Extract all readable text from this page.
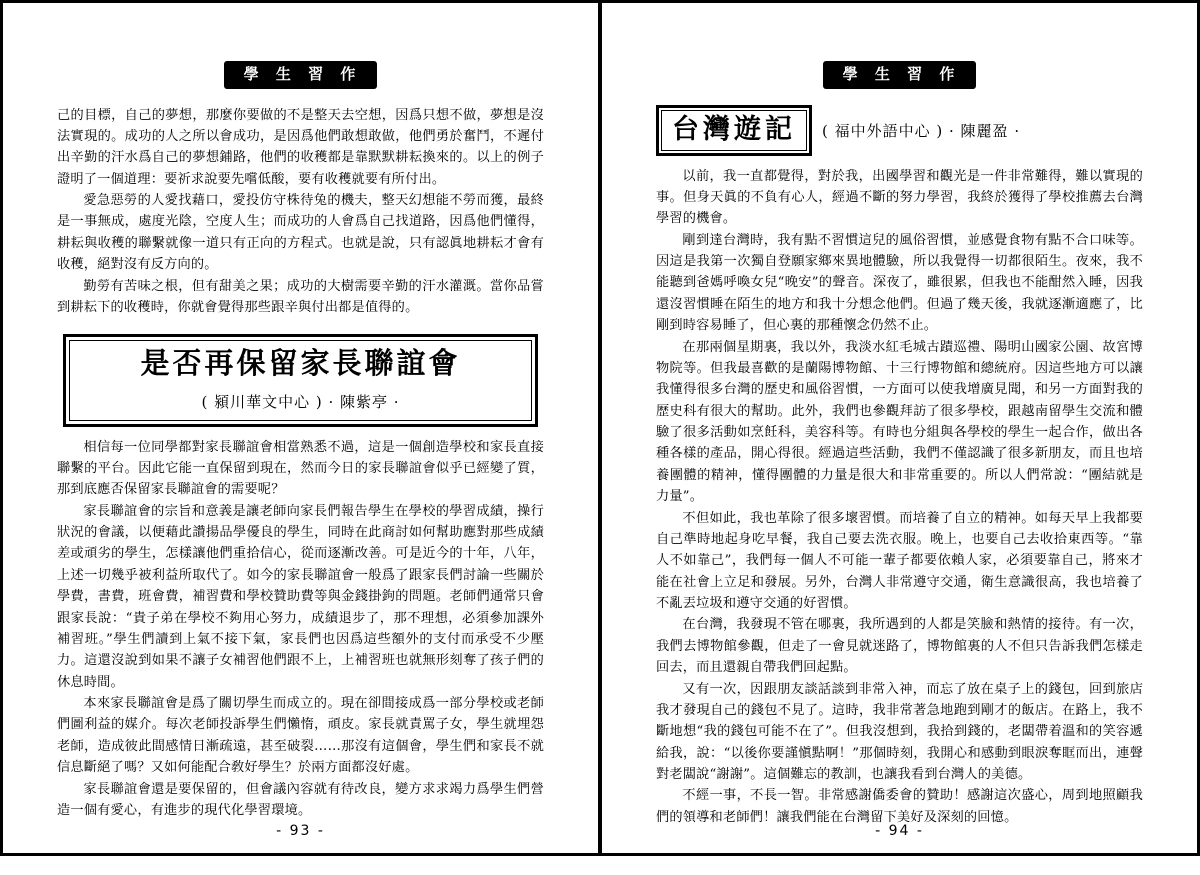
學 生 習 作

己的目標，自己的夢想，那麼你要做的不是整天去空想，因爲只想不做，夢想是沒法實現的。成功的人之所以會成功，是因爲他們敢想敢做，他們勇於奮鬥，不遲付出辛勤的汗水爲自己的夢想鋪路，他們的收穫都是靠默默耕耘換來的。以上的例子證明了一個道理：要祈求說要先嚐低酸，要有收穫就要有所付出。

愛急惡勞的人愛找藉口，愛投仿守株待兔的機夫，整天幻想能不勞而獲，最終是一事無成，處度光陰，空度人生；而成功的人會爲自己找道路，因爲他們懂得，耕耘與收穫的聯繫就像一道只有正向的方程式。也就是說，只有認眞地耕耘才會有收穫，絕對沒有反方向的。

勤勞有苦味之根，但有甜美之果；成功的大樹需要辛勤的汗水灌溉。當你品嘗到耕耘下的收穫時，你就會覺得那些跟辛與付出都是值得的。

是否再保留家長聯誼會
( 潁川華文中心 ) · 陳紫亭 ·

相信每一位同學都對家長聯誼會相當熟悉不過，這是一個創造學校和家長直接聯繫的平台。因此它能一直保留到現在，然而今日的家長聯誼會似乎已經變了質，那到底應否保留家長聯誼會的需要呢？

家長聯誼會的宗旨和意義是讓老師向家長們報告學生在學校的學習成績，操行狀況的會議，以便藉此讚揚品學優良的學生，同時在此商討如何幫助應對那些成績差或頑劣的學生，怎樣讓他們重拾信心，從而逐漸改善。可是近今的十年，八年，上述一切幾乎被利益所取代了。如今的家長聯誼會一般爲了跟家長們討論一些關於學費，書費，班會費，補習費和學校贊助費等與金錢掛鉤的問題。老師們通常只會跟家長說：“貴子弟在學校不夠用心努力，成績退步了，那不理想，必須參加課外補習班。”學生們讀到上氣不接下氣，家長們也因爲這些額外的支付而承受不少壓力。這還沒說到如果不讓子女補習他們跟不上，上補習班也就無形刻奪了孩子們的休息時間。

本來家長聯誼會是爲了關切學生而成立的。現在卻間接成爲一部分學校或老師們圖利益的媒介。每次老師投訴學生們懶惰，頑皮。家長就責罵子女，學生就埋怨老師，造成彼此間感情日漸疏遠，甚至破裂……那沒有這個會，學生們和家長不就信息斷絕了嗎？又如何能配合敎好學生？於兩方面都沒好處。

家長聯誼會還是要保留的，但會議內容就有待改良，變方求求竭力爲學生們營造一個有愛心，有進步的現代化學習環境。

- 93 -
學 生 習 作
台灣遊記	( 福中外語中心 ) · 陳麗盈 ·

以前，我一直都覺得，對於我，出國學習和觀光是一件非常難得，難以實現的事。但身天眞的不負有心人，經過不斷的努力學習，我終於獲得了學校推薦去台灣學習的機會。

剛到達台灣時，我有點不習慣這兒的風俗習慣，並感覺食物有點不合口味等。因這是我第一次獨自登願家鄉來異地體驗，所以我覺得一切都很陌生。夜來，我不能聽到爸媽呼喚女兒“晚安”的聲音。深夜了，雖很累，但我也不能酣然入睡，因我還沒習慣睡在陌生的地方和我十分想念他們。但過了幾天後，我就逐漸適應了，比剛到時容易睡了，但心裏的那種懷念仍然不止。

在那兩個星期裏，我以外，我淡水紅毛城古蹟巡禮、陽明山國家公園、故宮博物院等。但我最喜歡的是蘭陽博物館、十三行博物館和總統府。因這些地方可以讓我懂得很多台灣的歷史和風俗習慣，一方面可以使我增廣見聞，和另一方面對我的歷史科有很大的幫助。此外，我們也參觀拜訪了很多學校，跟越南留學生交流和體驗了很多活動如烹飪科，美容科等。有時也分組與各學校的學生一起合作，做出各種各樣的產品，開心得很。經過這些活動，我們不僅認識了很多新朋友，而且也培養團體的精神，懂得團體的力量是很大和非常重要的。所以人們常說：“團結就是力量”。

不但如此，我也革除了很多壞習慣。而培養了自立的精神。如每天早上我都要自己準時地起身吃早餐，我自己要去洗衣服。晚上，也要自己去收拾東西等。“靠人不如靠己”，我們每一個人不可能一輩子都要依賴人家，必須要靠自己，將來才能在社會上立足和發展。另外，台灣人非常遵守交通，衛生意識很高，我也培養了不亂丟垃圾和遵守交通的好習慣。

在台灣，我發現不管在哪裏，我所遇到的人都是笑臉和熱情的接待。有一次，我們去博物館參觀，但走了一會見就迷路了，博物館裏的人不但只告訴我們怎樣走回去，而且還親自帶我們回起點。

又有一次，因跟朋友談話談到非常入神，而忘了放在桌子上的錢包，回到旅店我才發現自己的錢包不見了。這時，我非常著急地跑到剛才的飯店。在路上，我不斷地想“我的錢包可能不在了”。但我沒想到，我拾到錢的，老闆帶着溫和的笑容遞給我，說：“以後你要謹愼點啊！”那個時刻，我開心和感動到眼淚奪眶而出，連聲對老闆說“謝謝”。這個難忘的教訓，也讓我看到台灣人的美德。

不經一事，不長一智。非常感謝僑委會的贊助！感謝這次盛心，周到地照顧我們的領導和老師們！讓我們能在台灣留下美好及深刻的回憶。

- 94 -
